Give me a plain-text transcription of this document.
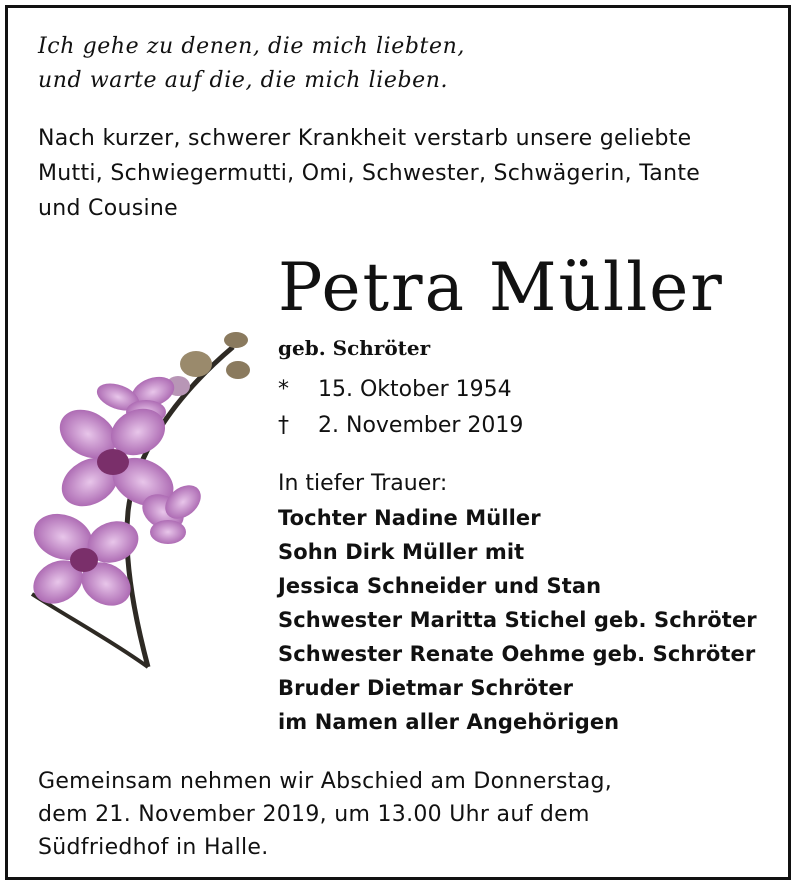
Ich gehe zu denen, die mich liebten,
und warte auf die, die mich lieben.

Nach kurzer, schwerer Krankheit verstarb unsere geliebte
Mutti, Schwiegermutti, Omi, Schwester, Schwägerin, Tante
und Cousine

Petra Müller
geb. Schröter
* 15. Oktober 1954
† 2. November 2019
In tiefer Trauer:
Tochter Nadine Müller
Sohn Dirk Müller mit
Jessica Schneider und Stan
Schwester Maritta Stichel geb. Schröter
Schwester Renate Oehme geb. Schröter
Bruder Dietmar Schröter
im Namen aller Angehörigen

Gemeinsam nehmen wir Abschied am Donnerstag,
dem 21. November 2019, um 13.00 Uhr auf dem
Südfriedhof in Halle.
